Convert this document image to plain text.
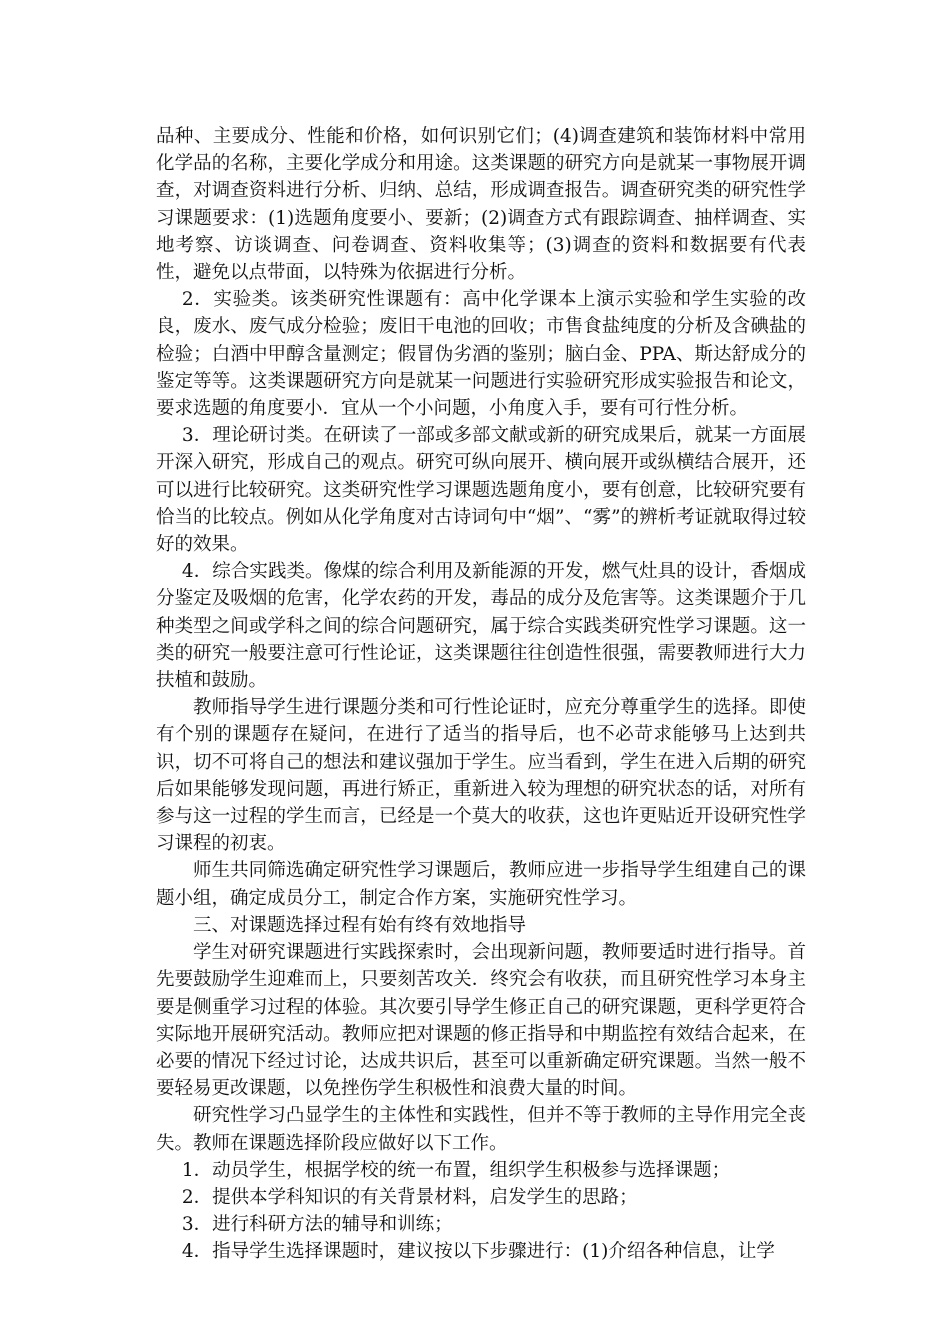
品种、主要成分、性能和价格，如何识别它们；(4)调查建筑和装饰材料中常用化学品的名称，主要化学成分和用途。这类课题的研究方向是就某一事物展开调查，对调查资料进行分析、归纳、总结，形成调查报告。调查研究类的研究性学习课题要求：(1)选题角度要小、要新；(2)调查方式有跟踪调查、抽样调查、实地考察、访谈调查、问卷调查、资料收集等；(3)调查的资料和数据要有代表性，避免以点带面，以特殊为依据进行分析。

2．实验类。该类研究性课题有：高中化学课本上演示实验和学生实验的改良，废水、废气成分检验；废旧干电池的回收；市售食盐纯度的分析及含碘盐的检验；白酒中甲醇含量测定；假冒伪劣酒的鉴别；脑白金、PPA、斯达舒成分的鉴定等等。这类课题研究方向是就某一问题进行实验研究形成实验报告和论文，要求选题的角度要小．宜从一个小问题，小角度入手，要有可行性分析。

3．理论研讨类。在研读了一部或多部文献或新的研究成果后，就某一方面展开深入研究，形成自己的观点。研究可纵向展开、横向展开或纵横结合展开，还可以进行比较研究。这类研究性学习课题选题角度小，要有创意，比较研究要有恰当的比较点。例如从化学角度对古诗词句中“烟”、“雾”的辨析考证就取得过较好的效果。

4．综合实践类。像煤的综合利用及新能源的开发，燃气灶具的设计，香烟成分鉴定及吸烟的危害，化学农药的开发，毒品的成分及危害等。这类课题介于几种类型之间或学科之间的综合问题研究，属于综合实践类研究性学习课题。这一类的研究一般要注意可行性论证，这类课题往往创造性很强，需要教师进行大力扶植和鼓励。

教师指导学生进行课题分类和可行性论证时，应充分尊重学生的选择。即使有个别的课题存在疑问，在进行了适当的指导后，也不必苛求能够马上达到共识，切不可将自己的想法和建议强加于学生。应当看到，学生在进入后期的研究后如果能够发现问题，再进行矫正，重新进入较为理想的研究状态的话，对所有参与这一过程的学生而言，已经是一个莫大的收获，这也许更贴近开设研究性学习课程的初衷。

师生共同筛选确定研究性学习课题后，教师应进一步指导学生组建自己的课题小组，确定成员分工，制定合作方案，实施研究性学习。

三、对课题选择过程有始有终有效地指导

学生对研究课题进行实践探索时，会出现新问题，教师要适时进行指导。首先要鼓励学生迎难而上，只要刻苦攻关．终究会有收获，而且研究性学习本身主要是侧重学习过程的体验。其次要引导学生修正自己的研究课题，更科学更符合实际地开展研究活动。教师应把对课题的修正指导和中期监控有效结合起来，在必要的情况下经过讨论，达成共识后，甚至可以重新确定研究课题。当然一般不要轻易更改课题，以免挫伤学生积极性和浪费大量的时间。

研究性学习凸显学生的主体性和实践性，但并不等于教师的主导作用完全丧失。教师在课题选择阶段应做好以下工作。

1．动员学生，根据学校的统一布置，组织学生积极参与选择课题；

2．提供本学科知识的有关背景材料，启发学生的思路；

3．进行科研方法的辅导和训练；

4．指导学生选择课题时，建议按以下步骤进行：(1)介绍各种信息，让学
